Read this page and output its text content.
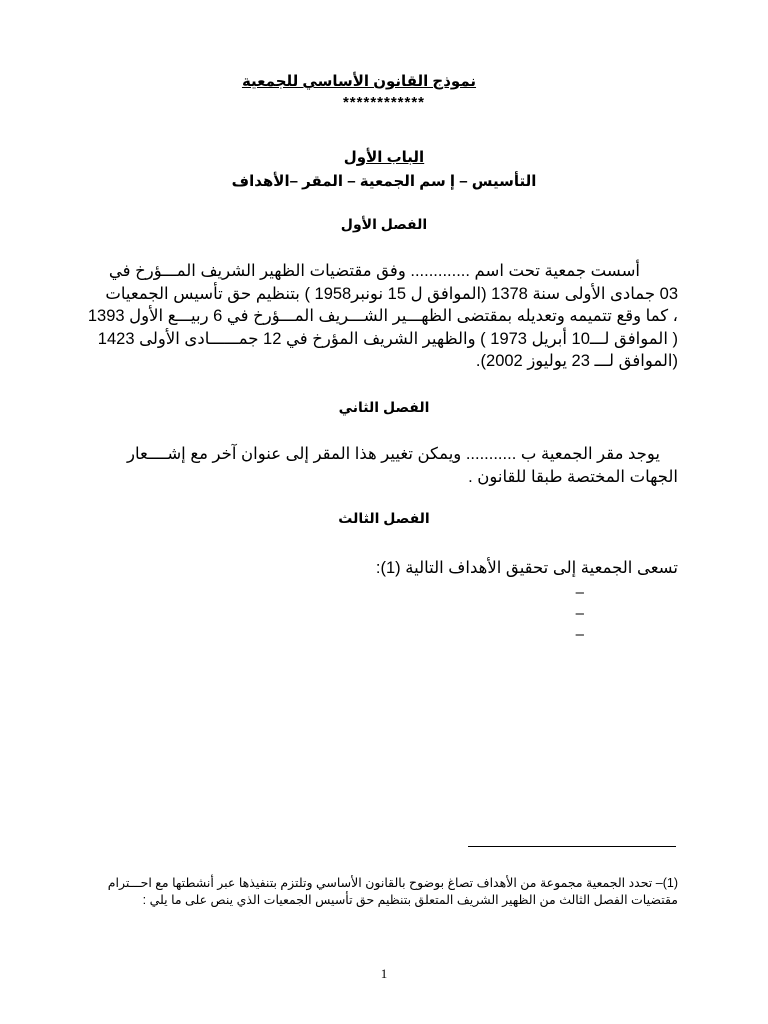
نموذج القانون الأساسي للجمعية
************
الباب الأول
التأسيس – إ سم الجمعية – المقر –الأهداف
الفصل الأول
أسست جمعية تحت اسم ............. وفق مقتضيات الظهير الشريف المـــؤرخ في
03 جمادى الأولى سنة 1378 (الموافق ل 15 نونبر1958 ) بتنظيم حق تأسيس الجمعيات
، كما وقع تتميمه وتعديله بمقتضى الظهـــير الشـــريف المـــؤرخ في 6 ربيـــع الأول 1393
( الموافق لـــ10 أبريل 1973 ) والظهير الشريف المؤرخ في 12 جمــــــادى الأولى 1423
(الموافق لـــ 23 يوليوز 2002).
الفصل الثاني
يوجد مقر الجمعية ب ........... ويمكن تغيير هذا المقر إلى عنوان آخر مع إشــــعار
الجهات المختصة طبقا للقانون .
الفصل الثالث
تسعى الجمعية إلى تحقيق الأهداف التالية (1):
–
–
–
(1)– تحدد الجمعية مجموعة من الأهداف تصاغ بوضوح بالقانون الأساسي وتلتزم بتنفيذها عبر أنشطتها مع احـــترام
مقتضيات الفصل الثالث من الظهير الشريف المتعلق بتنظيم حق تأسيس الجمعيات الذي ينص على ما يلي :
1
